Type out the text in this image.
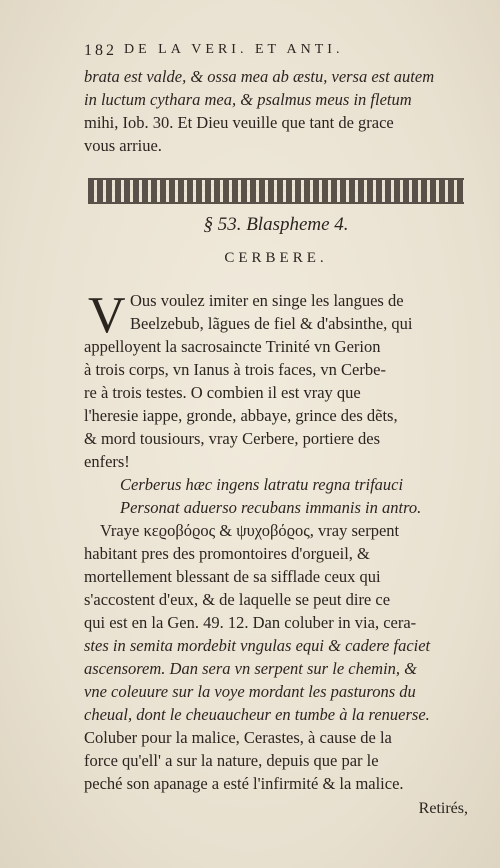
182 DE LA VERI. ET ANTI.
brata est valde, & ossa mea ab æstu, versa est autem
in luctum cythara mea, & psalmus meus in fletum
mihi, Iob. 30. Et Dieu veuille que tant de grace
vous arriue.
§ 53. Blaspheme 4.
CERBERE.
V Ous voulez imiter en singe les langues de
Beelzebub, lãgues de fiel & d'absinthe, qui
appelloyent la sacrosaincte Trinité vn Gerion
à trois corps, vn Ianus à trois faces, vn Cerbe-
re à trois testes. O combien il est vray que
l'heresie iappe, gronde, abbaye, grince des dẽts,
& mord tousiours, vray Cerbere, portiere des
enfers!
Cerberus hæc ingens latratu regna trifauci
Personat aduerso recubans immanis in antro.
Vraye κεϱοβόϱος & ψυχοβόϱος, vray serpent
habitant pres des promontoires d'orgueil, &
mortellement blessant de sa sifflade ceux qui
s'accostent d'eux, & de laquelle se peut dire ce
qui est en la Gen. 49. 12. Dan coluber in via, cera-
stes in semita mordebit vngulas equi & cadere faciet
ascensorem. Dan sera vn serpent sur le chemin, &
vne coleuure sur la voye mordant les pasturons du
cheual, dont le cheuaucheur en tumbe à la renuerse.
Coluber pour la malice, Cerastes, à cause de la
force qu'ell' a sur la nature, depuis que par le
peché son apanage a esté l'infirmité & la malice.
Retirés,
